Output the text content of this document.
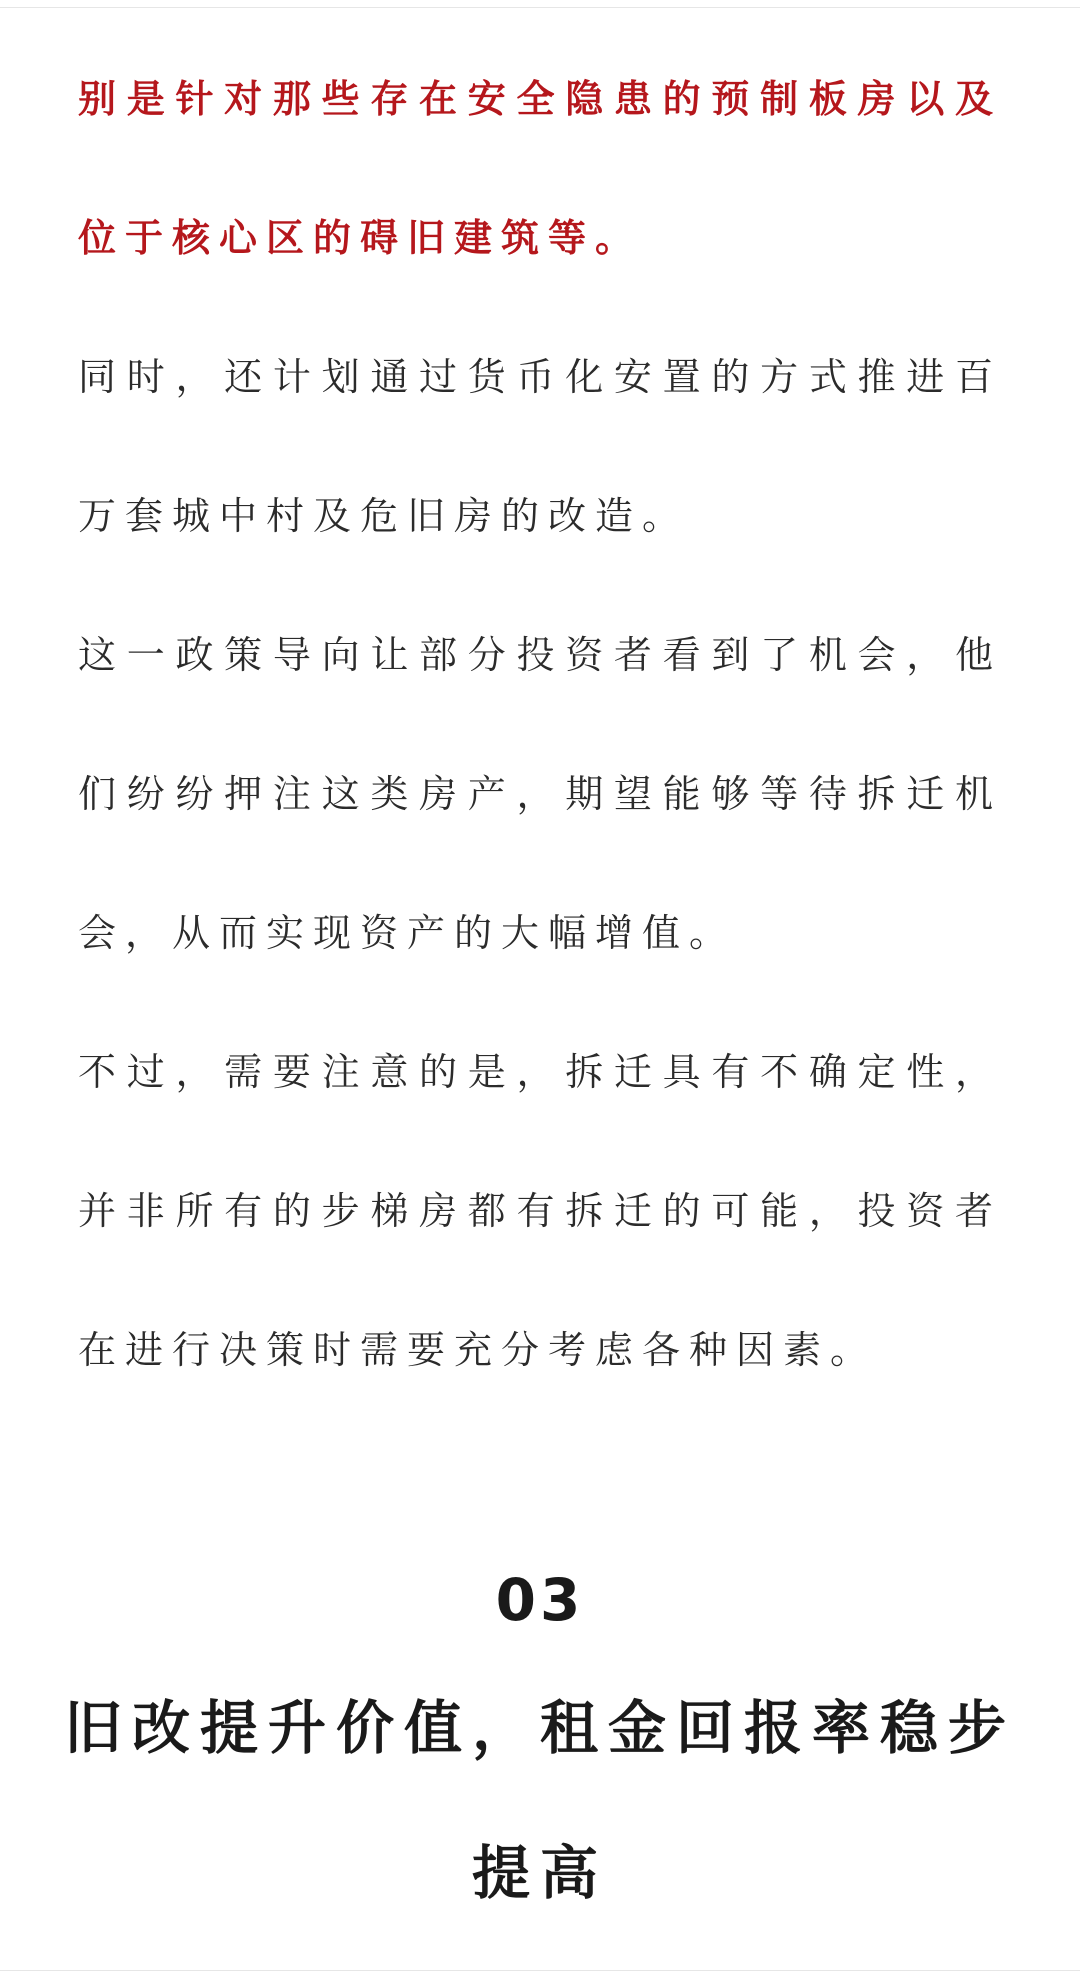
别是针对那些存在安全隐患的预制板房以及位于核心区的碍旧建筑等。

同时，还计划通过货币化安置的方式推进百万套城中村及危旧房的改造。

这一政策导向让部分投资者看到了机会，他们纷纷押注这类房产，期望能够等待拆迁机会，从而实现资产的大幅增值。

不过，需要注意的是，拆迁具有不确定性，并非所有的步梯房都有拆迁的可能，投资者在进行决策时需要充分考虑各种因素。

03
旧改提升价值，租金回报率稳步提高
